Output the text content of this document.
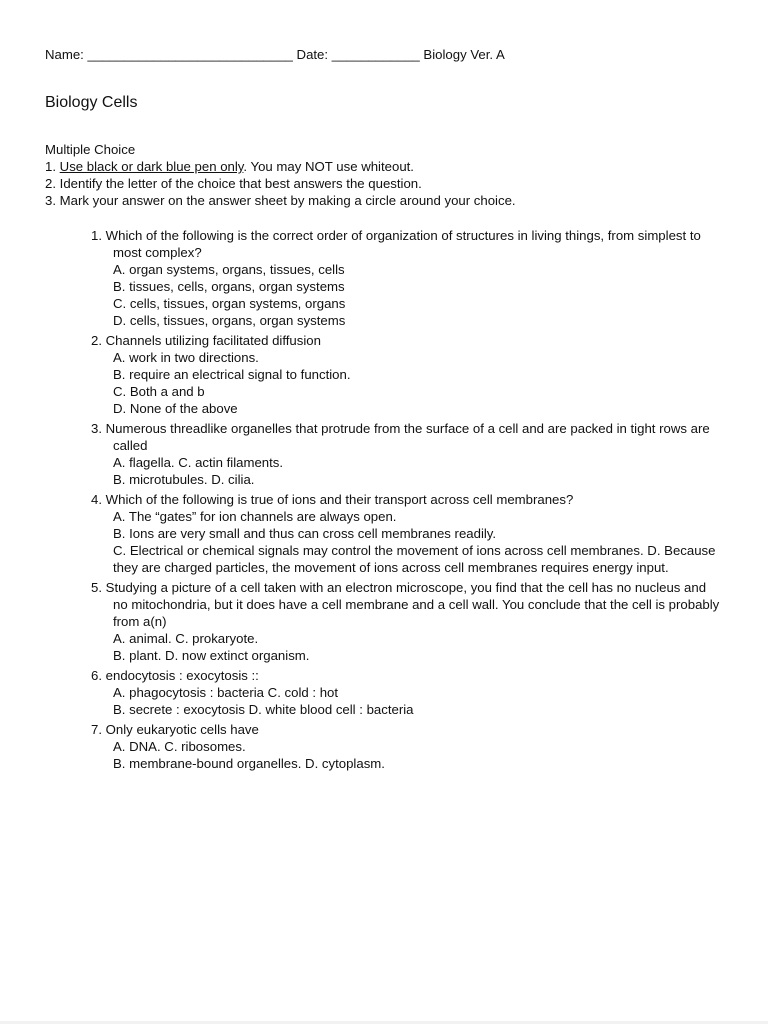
Name: ____________________________ Date: ____________ Biology Ver. A
Biology Cells
Multiple Choice
1. Use black or dark blue pen only. You may NOT use whiteout.
2. Identify the letter of the choice that best answers the question.
3. Mark your answer on the answer sheet by making a circle around your choice.
1. Which of the following is the correct order of organization of structures in living things, from simplest to most complex?
A. organ systems, organs, tissues, cells
B. tissues, cells, organs, organ systems
C. cells, tissues, organ systems, organs
D. cells, tissues, organs, organ systems
2. Channels utilizing facilitated diffusion
A. work in two directions.
B. require an electrical signal to function.
C. Both a and b
D. None of the above
3. Numerous threadlike organelles that protrude from the surface of a cell and are packed in tight rows are called
A. flagella. C. actin filaments.
B. microtubules. D. cilia.
4. Which of the following is true of ions and their transport across cell membranes?
A. The “gates” for ion channels are always open.
B. Ions are very small and thus can cross cell membranes readily.
C. Electrical or chemical signals may control the movement of ions across cell membranes. D. Because they are charged particles, the movement of ions across cell membranes requires energy input.
5. Studying a picture of a cell taken with an electron microscope, you find that the cell has no nucleus and no mitochondria, but it does have a cell membrane and a cell wall. You conclude that the cell is probably from a(n)
A. animal. C. prokaryote.
B. plant. D. now extinct organism.
6. endocytosis : exocytosis ::
A. phagocytosis : bacteria C. cold : hot
B. secrete : exocytosis D. white blood cell : bacteria
7. Only eukaryotic cells have
A. DNA. C. ribosomes.
B. membrane-bound organelles. D. cytoplasm.
